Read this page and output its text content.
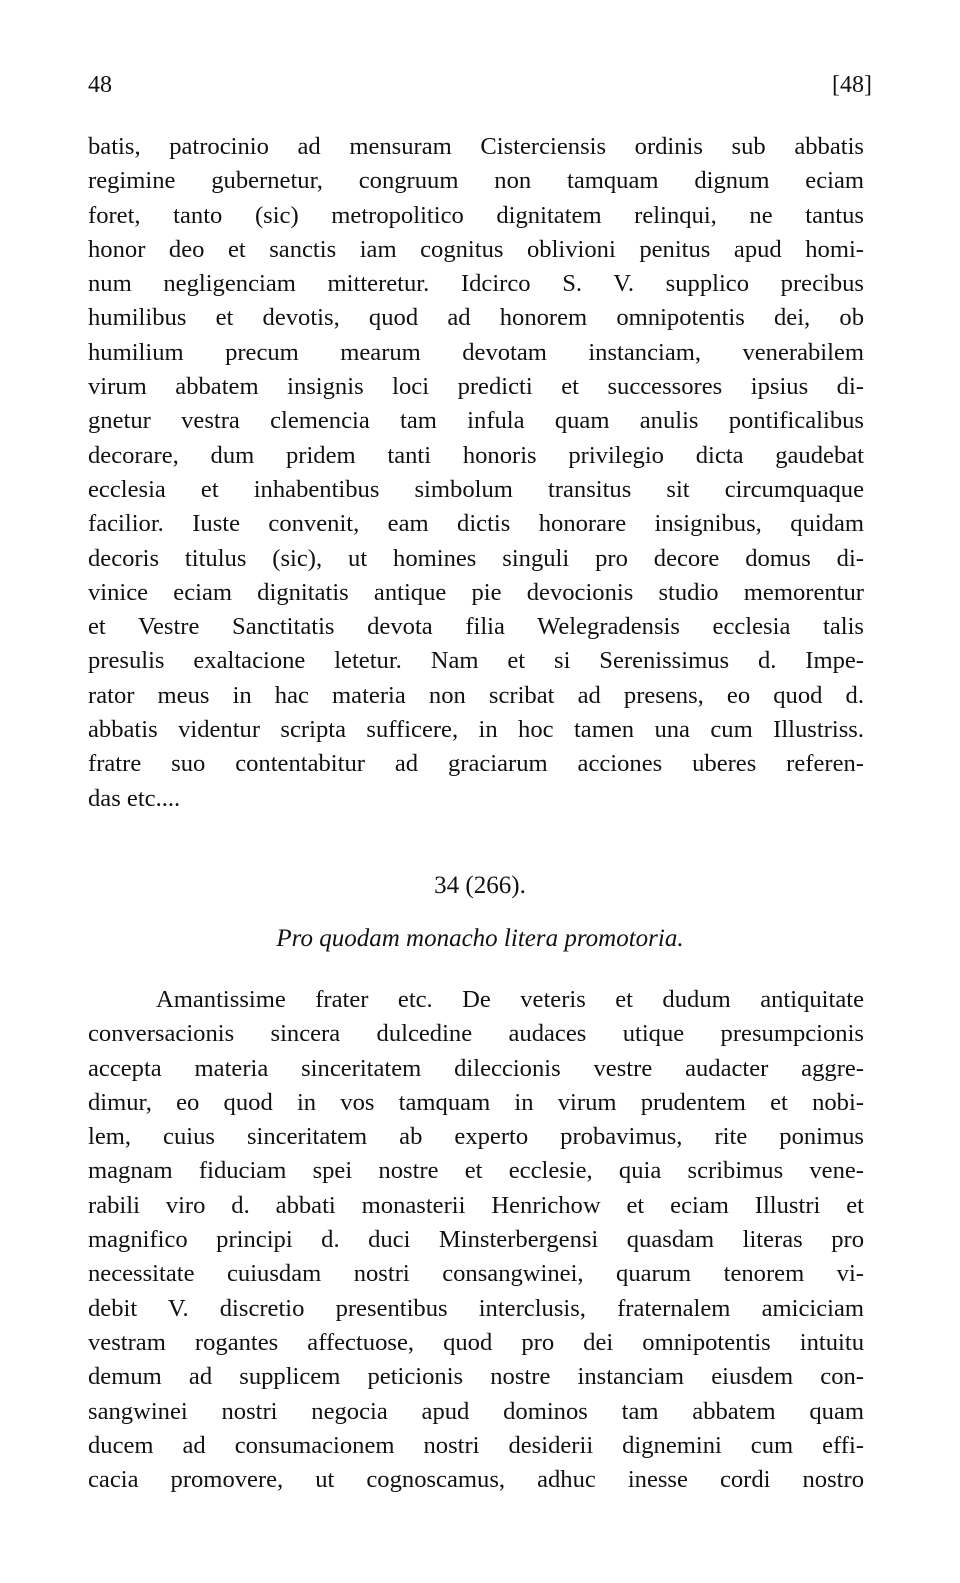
48	[48]
batis, patrocinio ad mensuram Cisterciensis ordinis sub abbatis
regimine gubernetur, congruum non tamquam dignum eciam
foret, tanto (sic) metropolitico dignitatem relinqui, ne tantus
honor deo et sanctis iam cognitus oblivioni penitus apud homi-
num negligenciam mitteretur. Idcirco S. V. supplico precibus
humilibus et devotis, quod ad honorem omnipotentis dei, ob
humilium precum mearum devotam instanciam, venerabilem
virum abbatem insignis loci predicti et successores ipsius di-
gnetur vestra clemencia tam infula quam anulis pontificalibus
decorare, dum pridem tanti honoris privilegio dicta gaudebat
ecclesia et inhabentibus simbolum transitus sit circumquaque
facilior. Iuste convenit, eam dictis honorare insignibus, quidam
decoris titulus (sic), ut homines singuli pro decore domus di-
vinice eciam dignitatis antique pie devocionis studio memorentur
et Vestre Sanctitatis devota filia Welegradensis ecclesia talis
presulis exaltacione letetur. Nam et si Serenissimus d. Impe-
rator meus in hac materia non scribat ad presens, eo quod d.
abbatis videntur scripta sufficere, in hoc tamen una cum Illustriss.
fratre suo contentabitur ad graciarum acciones uberes referen-
das etc....
34 (266).
Pro quodam monacho litera promotoria.
Amantissime frater etc. De veteris et dudum antiquitate
conversacionis sincera dulcedine audaces utique presumpcionis
accepta materia sinceritatem dileccionis vestre audacter aggre-
dimur, eo quod in vos tamquam in virum prudentem et nobi-
lem, cuius sinceritatem ab experto probavimus, rite ponimus
magnam fiduciam spei nostre et ecclesie, quia scribimus vene-
rabili viro d. abbati monasterii Henrichow et eciam Illustri et
magnifico principi d. duci Minsterbergensi quasdam literas pro
necessitate cuiusdam nostri consangwinei, quarum tenorem vi-
debit V. discretio presentibus interclusis, fraternalem amiciciam
vestram rogantes affectuose, quod pro dei omnipotentis intuitu
demum ad supplicem peticionis nostre instanciam eiusdem con-
sangwinei nostri negocia apud dominos tam abbatem quam
ducem ad consumacionem nostri desiderii dignemini cum effi-
cacia promovere, ut cognoscamus, adhuc inesse cordi nostro
